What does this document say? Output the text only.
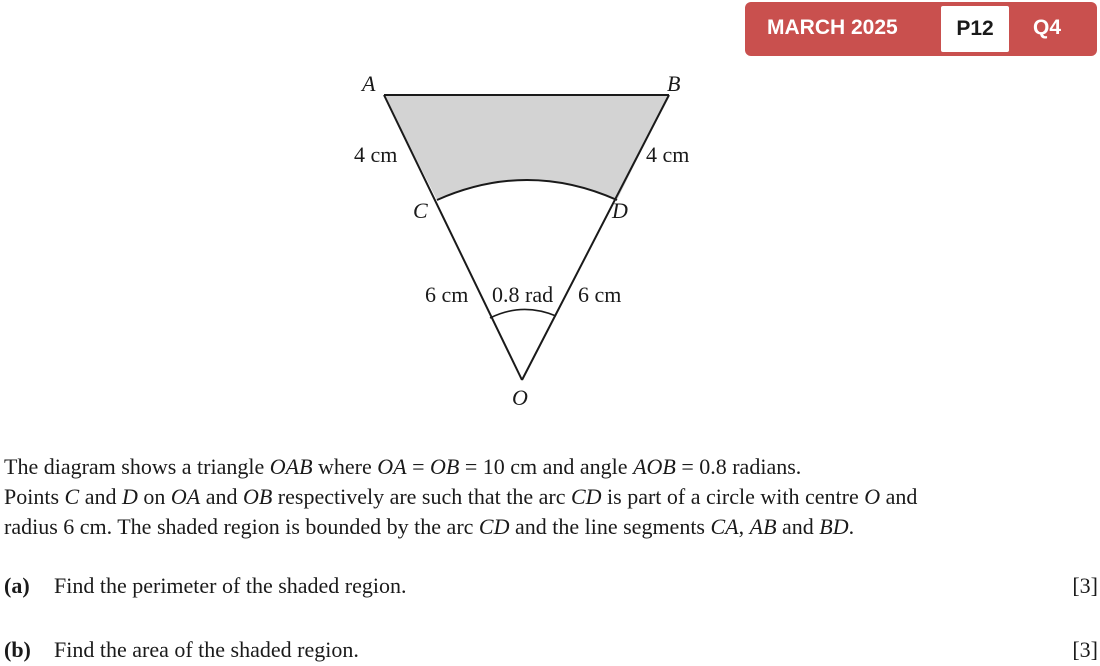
MARCH 2025	P12	Q4
A	B
C	D
O
4 cm	4 cm
6 cm	6 cm
0.8 rad
The diagram shows a triangle OAB where OA = OB = 10 cm and angle AOB = 0.8 radians.
Points C and D on OA and OB respectively are such that the arc CD is part of a circle with centre O and
radius 6 cm. The shaded region is bounded by the arc CD and the line segments CA, AB and BD.
(a) Find the perimeter of the shaded region.	[3]
(b) Find the area of the shaded region.	[3]
